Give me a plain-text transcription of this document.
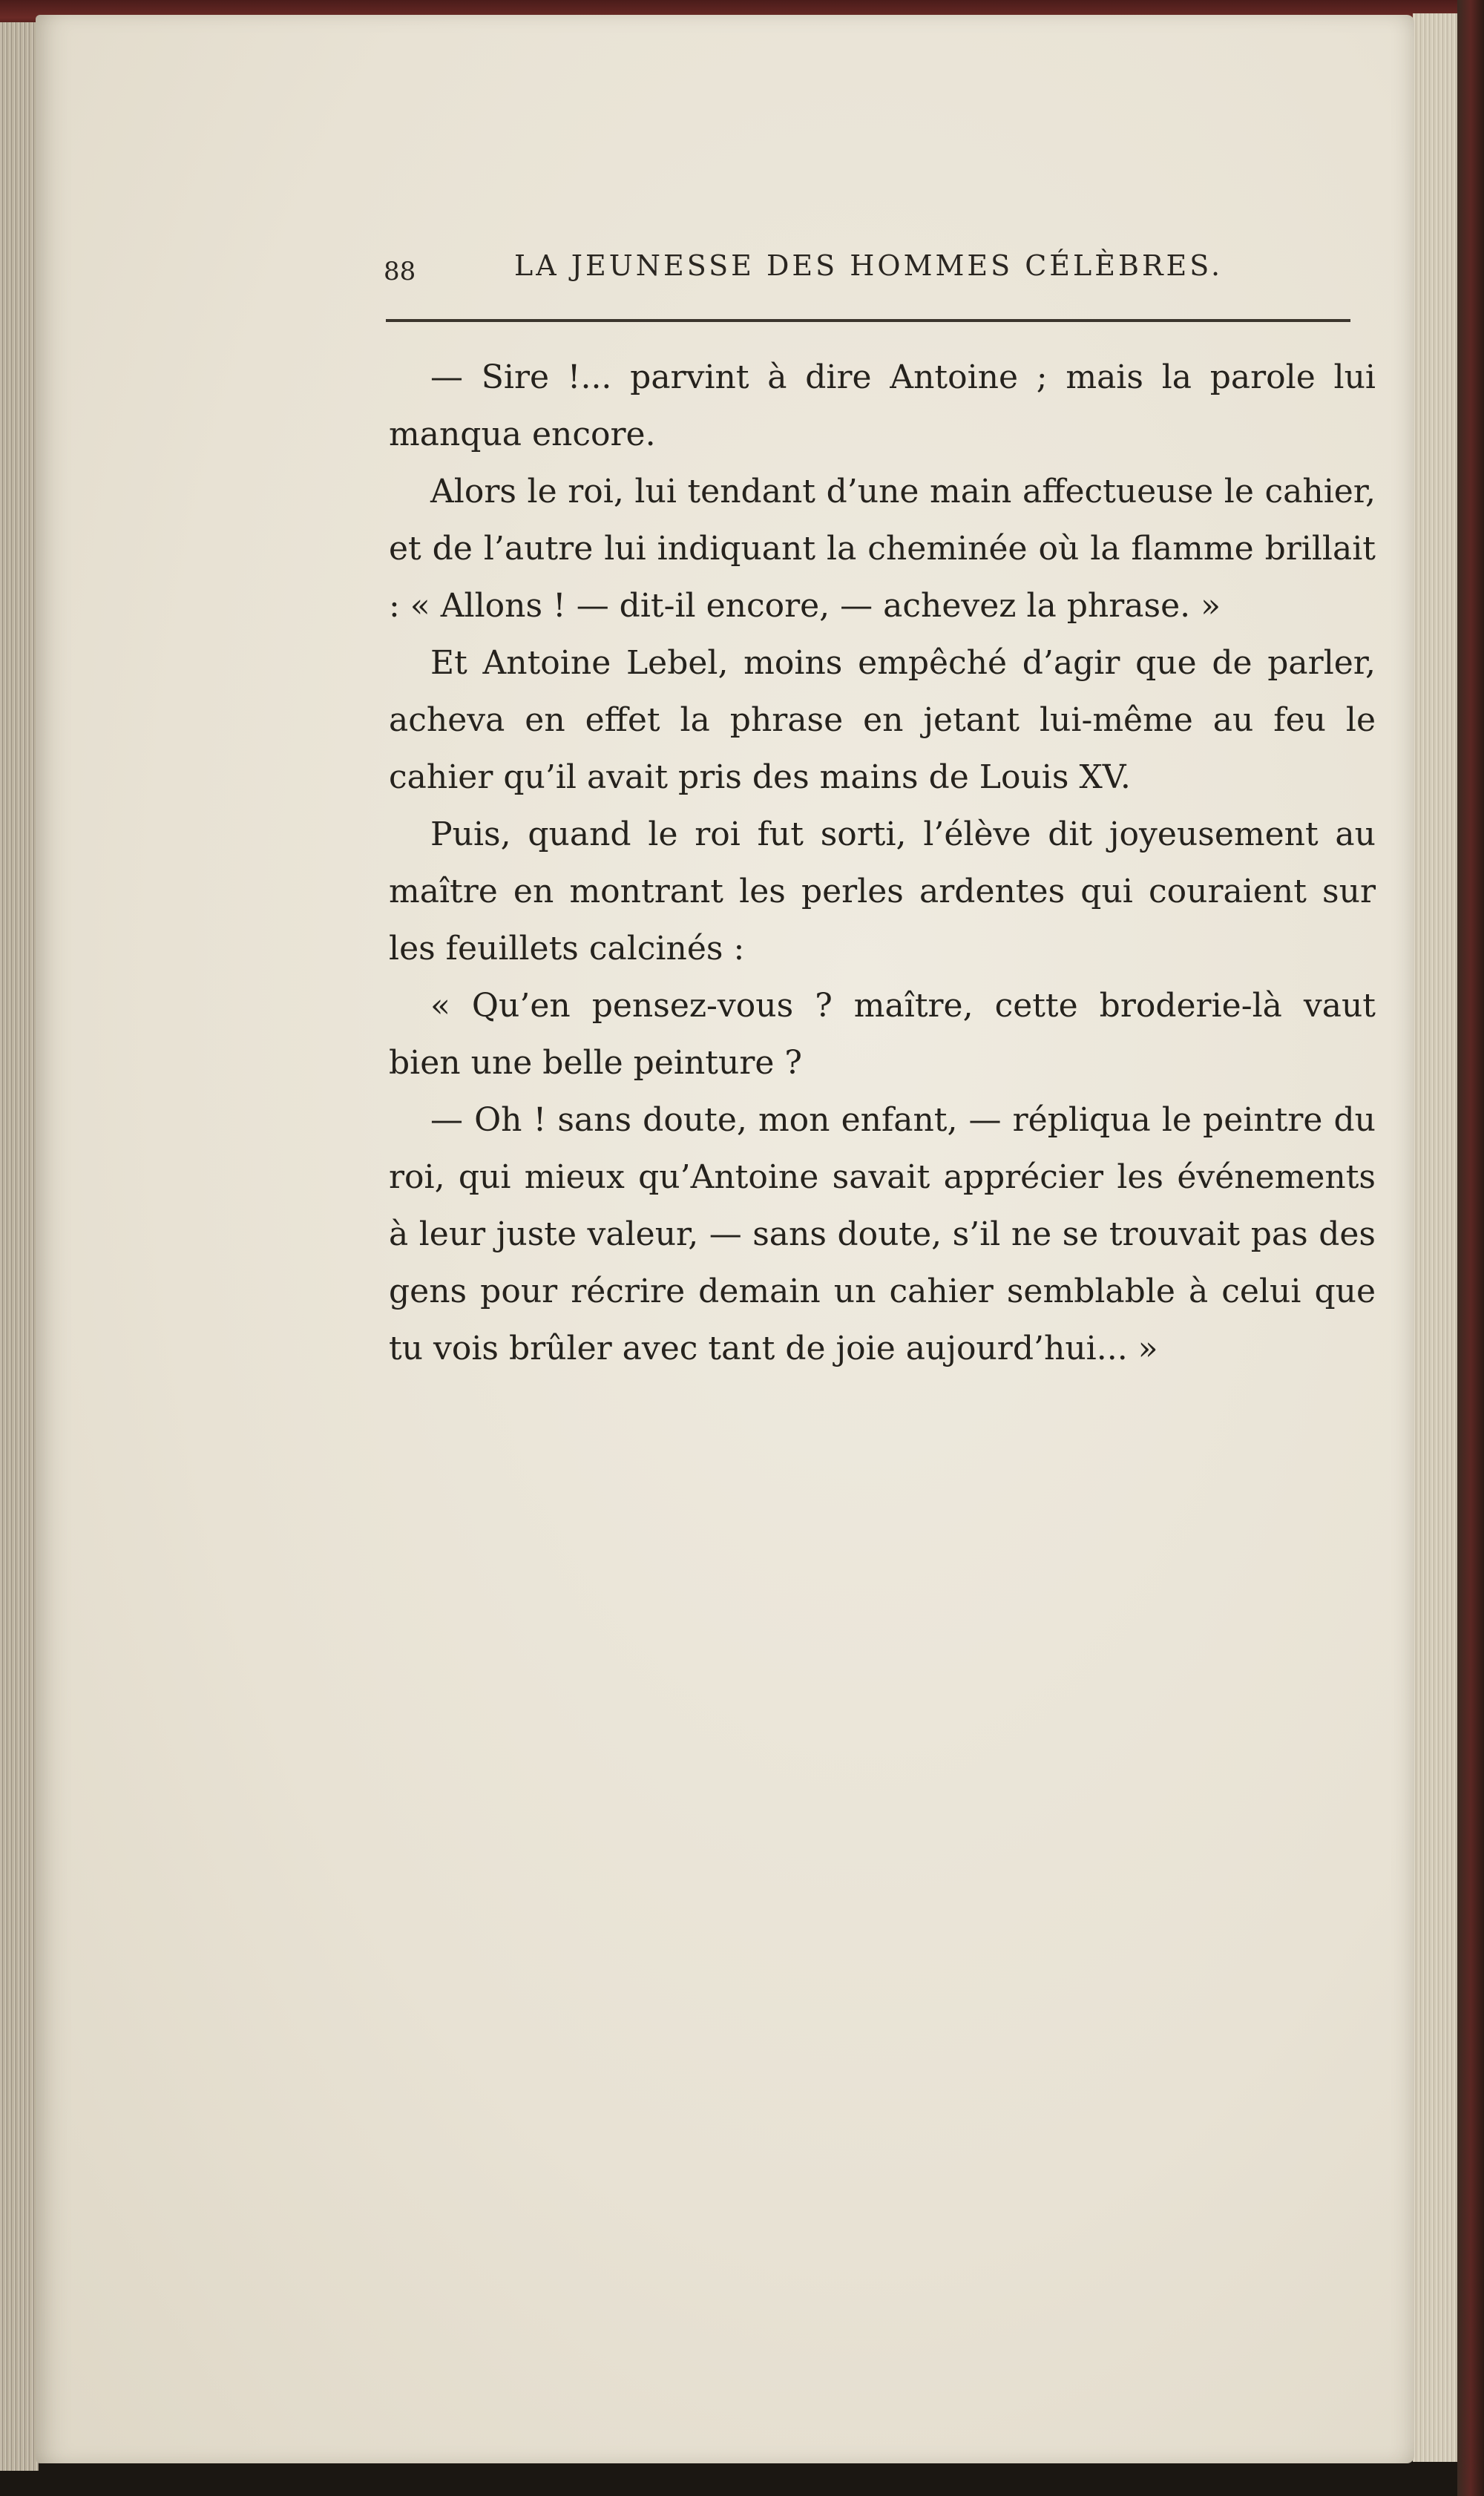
88	LA JEUNESSE DES HOMMES CÉLÈBRES.

— Sire !... parvint à dire Antoine ; mais la parole lui manqua encore.

Alors le roi, lui tendant d’une main affectueuse le cahier, et de l’autre lui indiquant la cheminée où la flamme brillait : « Allons ! — dit-il encore, — achevez la phrase. »

Et Antoine Lebel, moins empêché d’agir que de parler, acheva en effet la phrase en jetant lui-même au feu le cahier qu’il avait pris des mains de Louis XV.

Puis, quand le roi fut sorti, l’élève dit joyeusement au maître en montrant les perles ardentes qui couraient sur les feuillets calcinés :

« Qu’en pensez-vous ? maître, cette broderie-là vaut bien une belle peinture ?

— Oh ! sans doute, mon enfant, — répliqua le peintre du roi, qui mieux qu’Antoine savait apprécier les événements à leur juste valeur, — sans doute, s’il ne se trouvait pas des gens pour récrire demain un cahier semblable à celui que tu vois brûler avec tant de joie aujourd’hui... »
